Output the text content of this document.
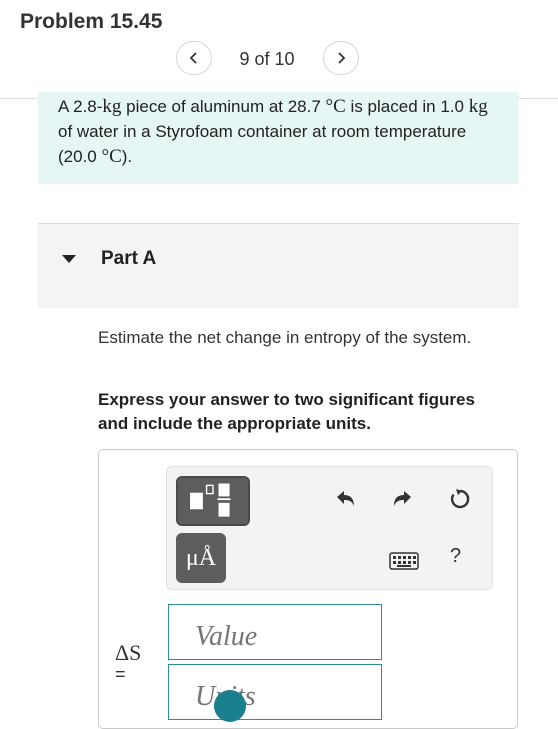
Problem 15.45
9 of 10
A 2.8-kg piece of aluminum at 28.7 °C is placed in 1.0 kg of water in a Styrofoam container at room temperature (20.0 °C).
Part A
Estimate the net change in entropy of the system.
Express your answer to two significant figures and include the appropriate units.
μÅ	?
ΔS
=
Value
Units
